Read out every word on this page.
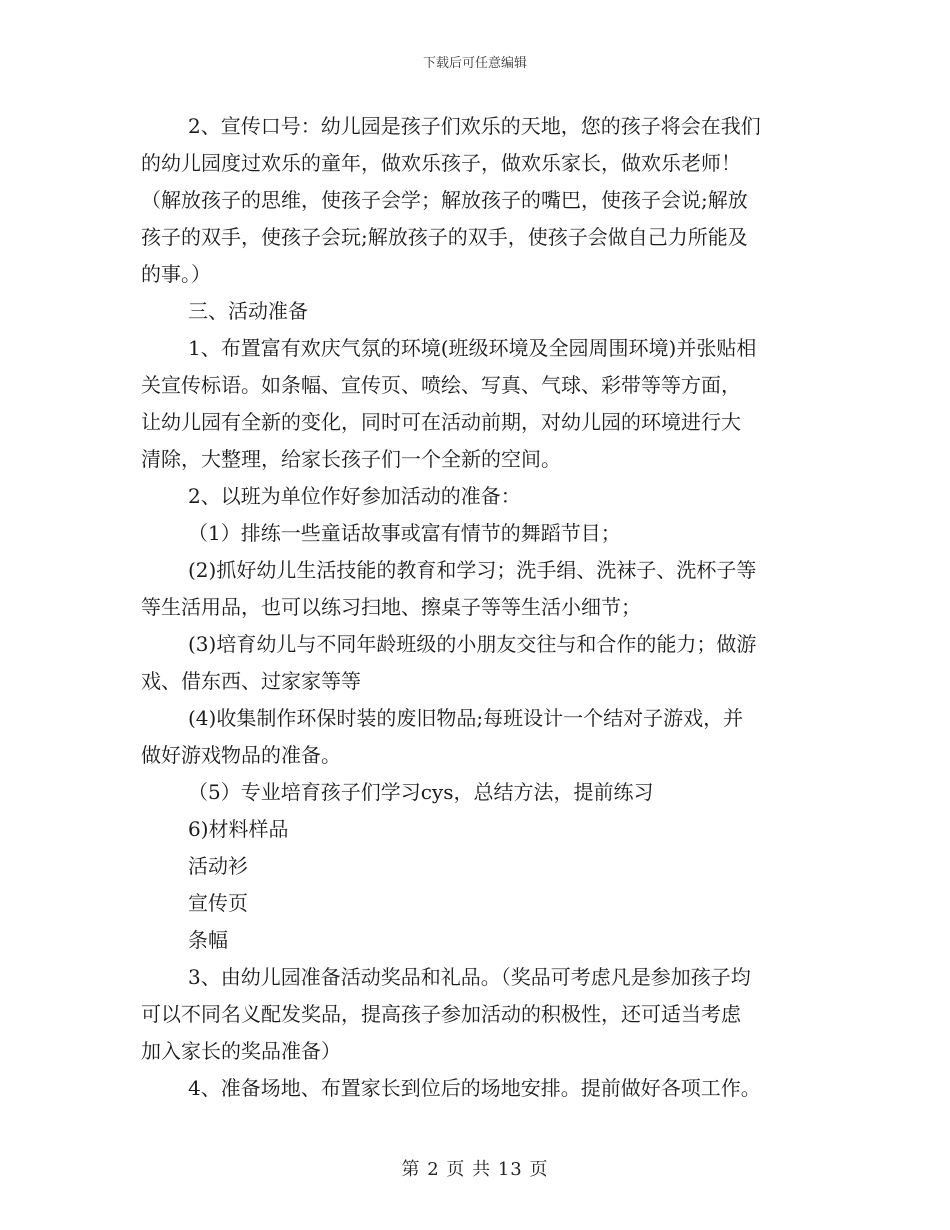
下载后可任意编辑
2、宣传口号：幼儿园是孩子们欢乐的天地，您的孩子将会在我们
的幼儿园度过欢乐的童年，做欢乐孩子，做欢乐家长，做欢乐老师！
（解放孩子的思维，使孩子会学；解放孩子的嘴巴，使孩子会说;解放
孩子的双手，使孩子会玩;解放孩子的双手，使孩子会做自己力所能及
的事。）
三、活动准备
1、布置富有欢庆气氛的环境(班级环境及全园周围环境)并张贴相
关宣传标语。如条幅、宣传页、喷绘、写真、气球、彩带等等方面，
让幼儿园有全新的变化，同时可在活动前期，对幼儿园的环境进行大
清除，大整理，给家长孩子们一个全新的空间。
2、以班为单位作好参加活动的准备：
（1）排练一些童话故事或富有情节的舞蹈节目；
(2)抓好幼儿生活技能的教育和学习；洗手绢、洗袜子、洗杯子等
等生活用品，也可以练习扫地、擦桌子等等生活小细节；
(3)培育幼儿与不同年龄班级的小朋友交往与和合作的能力；做游
戏、借东西、过家家等等
(4)收集制作环保时装的废旧物品;每班设计一个结对子游戏，并
做好游戏物品的准备。
（5）专业培育孩子们学习cys，总结方法，提前练习
6)材料样品
活动衫
宣传页
条幅
3、由幼儿园准备活动奖品和礼品。（奖品可考虑凡是参加孩子均
可以不同名义配发奖品，提高孩子参加活动的积极性，还可适当考虑
加入家长的奖品准备）
4、准备场地、布置家长到位后的场地安排。提前做好各项工作。
第 2 页 共 13 页
